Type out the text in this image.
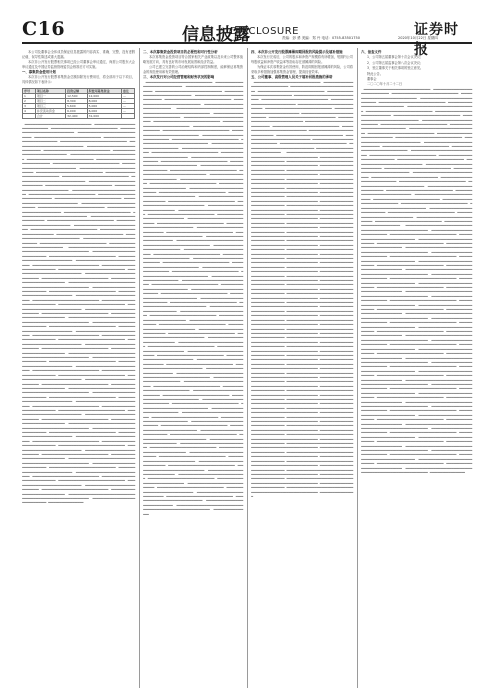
C16	信息披露
DISCLOSURE
责编：彭 勇 美编：郑 丹 电话：0755-83501750	证券时报
2020年10月22日 星期四

本公司及董事会全体成员保证信息披露的内容真实、准确、完整，没有虚假记载、误导性陈述或重大遗漏。

本次非公开发行股票相关事项已经公司董事会审议通过，尚需公司股东大会审议通过及中国证券监督管理委员会核准后方可实施。

一、募集资金使用计划

本次非公开发行股票募集资金总额扣除发行费用后，将全部用于以下项目，具体情况如下表所示：

序号	项目名称	投资总额	拟使用募集资金	备注
1	项目一	12,500	12,000	—
2	项目二	8,300	8,000	—
3	项目三	5,600	5,000	—
4	补充流动资金	6,000	6,000	—
	合计	32,400	31,000	
　▬▬▬▬▬▬▬▬▬▬▬▬▬▬▬▬▬▬▬▬▬▬▬▬▬▬▬▬▬▬▬▬▬▬▬▬　▬▬▬▬▬▬▬▬▬▬▬▬▬▬▬▬▬▬▬▬▬▬▬▬▬▬▬▬▬▬▬▬▬▬▬▬　▬▬▬▬▬▬▬▬▬▬▬▬▬▬▬▬▬▬▬▬▬▬▬▬▬▬▬▬▬▬▬▬▬▬▬▬　▬▬▬▬▬▬▬▬▬▬▬▬▬▬▬▬▬▬▬▬▬▬▬▬▬▬▬▬▬▬▬▬▬▬▬▬　▬▬▬▬▬▬▬▬▬▬▬▬▬▬▬▬▬▬▬▬▬▬▬▬▬▬▬▬▬▬▬▬▬▬▬▬　▬▬▬▬▬▬▬▬▬▬▬▬▬▬▬▬▬▬▬▬▬▬▬▬▬▬▬▬▬▬▬▬▬▬▬▬　▬▬▬▬▬▬▬▬▬▬▬▬▬▬▬▬▬▬▬▬▬▬▬▬▬▬▬▬▬▬▬▬▬▬▬▬　▬▬▬▬▬▬▬▬▬▬▬▬▬▬▬▬▬▬▬▬▬▬▬▬▬▬▬▬▬▬▬▬▬▬▬▬　▬▬▬▬▬▬▬▬▬▬▬▬▬▬▬▬▬▬▬▬▬▬▬▬▬▬▬▬▬▬▬▬▬▬▬▬　▬▬▬▬▬▬▬▬▬▬▬▬▬▬▬▬▬▬▬▬▬▬▬▬▬▬▬▬▬▬▬▬▬▬▬▬　▬▬▬▬▬▬▬▬▬▬▬▬▬▬▬▬▬▬▬▬▬▬▬▬▬▬▬▬▬▬▬▬▬▬▬▬　▬▬▬▬▬▬▬▬▬▬▬▬▬▬▬▬▬▬▬▬▬▬▬▬▬▬▬▬▬▬▬▬▬▬▬▬　▬▬▬▬▬▬▬▬▬▬▬▬▬▬▬▬▬▬▬▬▬▬▬▬▬▬▬▬▬▬▬▬▬▬▬▬　▬▬▬▬▬▬▬▬▬▬▬▬▬▬▬▬▬▬▬▬▬▬▬▬▬▬▬▬▬▬▬▬▬▬▬▬　▬▬▬▬▬▬▬▬▬▬▬▬▬▬▬▬▬▬▬▬▬▬▬▬▬▬▬▬▬▬▬▬▬▬▬▬　▬▬▬▬▬▬▬▬▬▬▬▬▬▬▬▬▬▬▬▬▬▬▬▬▬▬▬▬▬▬▬▬▬▬▬▬　▬▬▬▬▬▬▬▬▬▬▬▬▬▬▬▬▬▬▬▬▬▬▬▬▬▬▬▬▬▬▬▬▬▬▬▬　▬▬▬▬▬▬▬▬▬▬▬▬▬▬▬▬▬▬▬▬▬▬▬▬▬▬▬▬▬▬▬▬▬▬▬▬　▬▬▬▬▬▬▬▬▬▬▬▬▬▬▬▬▬▬▬▬▬▬▬▬▬▬▬▬▬▬▬▬▬▬▬▬　▬▬▬▬▬▬▬▬▬▬▬▬▬▬▬▬▬▬▬▬▬▬▬▬▬▬▬▬▬▬▬▬▬▬▬▬　▬▬▬▬▬▬▬▬▬▬▬▬▬▬▬▬▬▬▬▬▬▬▬▬▬▬▬▬▬▬▬▬▬▬▬▬　▬▬▬▬▬▬▬▬▬▬▬▬▬▬▬▬▬▬▬▬▬▬▬▬▬▬▬▬▬▬▬▬▬▬▬▬　▬▬▬▬▬▬▬▬▬▬▬▬▬▬▬▬▬▬▬▬▬▬▬▬▬▬▬▬▬▬▬▬▬▬▬▬　▬▬▬▬▬▬▬▬▬▬▬▬▬▬▬▬▬▬▬▬▬▬▬▬▬▬▬▬▬▬▬▬▬▬▬▬　▬▬▬▬▬▬▬▬▬▬▬▬▬▬▬▬▬▬▬▬▬▬▬▬▬▬▬▬▬▬▬▬▬▬▬▬　▬▬▬▬▬▬▬▬▬▬▬▬▬▬▬▬▬▬▬▬▬▬▬▬▬▬▬▬▬▬▬▬▬▬▬▬　▬▬▬▬▬▬▬▬▬▬▬▬▬▬▬▬▬▬▬▬▬▬▬▬▬▬▬▬▬▬▬▬▬▬▬▬　▬▬▬▬▬▬▬▬▬▬▬▬▬▬▬▬▬▬▬▬▬▬▬▬▬▬▬▬▬▬▬▬▬▬▬▬　▬▬▬▬▬▬▬▬▬▬▬▬▬▬▬▬▬▬▬▬▬▬▬▬▬▬▬▬▬▬▬▬▬▬▬▬　▬▬▬▬▬▬▬▬▬▬▬▬▬▬▬▬▬▬▬▬▬▬▬▬▬▬▬▬▬▬▬▬▬▬▬▬　▬▬▬▬▬▬▬▬▬▬▬▬▬▬▬▬▬▬▬▬▬▬▬▬▬▬▬▬▬▬▬▬▬▬▬▬　▬▬▬▬▬▬▬▬▬▬▬▬▬▬▬▬▬▬▬▬▬▬▬▬▬▬▬▬▬▬▬▬▬▬▬▬　▬▬▬▬▬▬▬▬▬▬▬▬▬▬▬▬▬▬▬▬▬▬▬▬▬▬▬▬▬▬▬▬▬▬▬▬　▬▬▬▬▬▬▬▬▬▬▬▬▬▬▬▬▬▬▬▬▬▬▬▬▬▬▬▬▬▬▬▬▬▬▬▬　▬▬▬▬▬▬▬▬▬▬▬▬▬▬▬▬▬▬▬▬▬▬▬▬▬▬▬▬▬▬▬▬▬▬▬▬　▬▬▬▬▬▬▬▬▬▬▬▬▬▬▬▬▬▬▬▬▬▬▬▬▬▬▬▬▬▬▬▬▬▬▬▬　▬▬▬▬▬▬▬▬▬▬▬▬▬▬▬▬▬▬▬▬▬▬▬▬▬▬▬▬▬▬▬▬▬▬▬▬　▬▬▬▬▬▬▬▬▬▬▬▬▬▬▬▬▬▬▬▬▬▬▬▬▬▬▬▬▬▬▬▬▬▬▬▬　▬▬▬▬▬▬▬▬▬▬▬▬▬▬▬▬▬▬▬▬▬▬▬▬▬▬▬▬▬▬▬▬▬▬▬▬　▬▬▬▬▬▬▬▬▬▬▬▬▬▬▬▬▬▬▬▬▬▬▬▬▬▬▬▬▬▬▬▬▬▬▬▬　▬▬▬▬▬▬▬▬▬▬▬▬▬▬▬▬▬▬▬▬▬▬▬▬▬▬▬▬▬▬▬▬▬▬▬▬　▬▬▬▬▬▬▬▬▬▬▬▬▬▬▬▬▬▬▬▬▬▬▬▬▬▬▬▬▬▬▬▬▬▬▬▬　▬▬▬▬▬▬▬▬▬▬▬▬▬▬▬▬▬▬▬▬▬▬▬▬▬▬▬▬▬▬▬▬▬▬▬▬　▬▬▬▬▬▬▬▬▬▬▬▬▬▬▬▬▬▬▬▬▬▬▬▬▬▬▬▬▬▬▬▬▬▬▬▬　▬▬▬▬▬▬▬▬▬▬▬▬▬▬▬▬▬▬▬▬▬▬▬▬▬▬▬▬▬▬▬▬▬▬▬▬　▬▬▬▬▬▬▬▬▬▬▬▬▬▬▬▬▬▬▬▬▬▬▬▬▬▬▬▬▬▬▬▬▬▬▬▬　▬▬▬▬▬▬▬▬▬▬▬▬▬▬▬▬▬▬▬▬▬▬▬▬▬▬▬▬▬▬▬▬▬▬▬▬　▬▬▬▬▬▬▬▬▬▬▬▬▬▬▬▬▬▬▬▬▬▬▬▬▬▬▬▬▬▬▬▬▬▬▬▬　▬▬▬▬▬▬▬▬▬▬▬▬▬▬▬▬▬▬▬▬▬▬▬▬▬▬▬▬▬▬▬▬▬▬▬▬　▬▬▬▬▬▬▬▬▬▬▬▬▬▬▬▬▬▬▬▬▬▬▬▬▬▬▬▬▬▬▬▬▬▬▬▬　▬▬▬▬▬▬▬▬▬▬▬▬▬▬▬▬▬▬▬▬▬▬▬▬▬▬▬▬▬▬▬▬▬▬▬▬　▬▬▬▬▬▬▬▬▬▬▬▬▬▬▬▬▬▬▬▬▬▬▬▬▬▬▬▬▬▬▬▬▬▬▬▬　▬▬▬▬▬▬▬▬▬▬▬▬▬▬▬▬▬▬▬▬▬▬▬▬▬▬▬▬▬▬▬▬▬▬▬▬　▬▬▬▬▬▬▬▬▬▬▬▬▬▬▬▬▬▬▬▬▬▬▬▬▬▬▬▬▬▬▬▬▬▬▬▬　▬▬▬▬▬▬▬▬▬▬▬▬▬▬▬▬▬▬▬▬▬▬▬▬▬▬▬▬▬▬▬▬▬▬▬▬　▬▬▬▬▬▬▬▬▬▬▬▬▬▬▬▬▬▬▬▬▬▬▬▬▬▬▬▬▬▬▬▬▬▬▬▬　▬▬▬▬▬▬▬▬▬▬▬▬▬▬▬▬▬▬▬▬▬▬▬▬▬▬▬▬▬▬▬▬▬▬▬▬　▬▬▬▬▬▬▬▬▬▬▬▬▬▬▬▬▬▬▬▬▬▬▬▬▬▬▬▬▬▬▬▬▬▬▬▬　▬▬▬▬▬▬▬▬▬▬▬▬▬▬▬▬▬▬▬▬▬▬▬▬▬▬▬▬▬▬▬▬▬▬▬▬　▬▬▬▬▬▬▬▬▬▬▬▬▬▬▬▬▬▬▬▬▬▬▬▬▬▬▬▬▬▬▬▬▬▬▬▬　▬▬▬▬▬▬▬▬▬▬▬▬▬▬▬▬▬▬▬▬▬▬▬▬▬▬▬▬▬▬▬▬▬▬▬▬　▬▬▬▬▬▬▬▬▬▬▬▬▬▬▬▬▬▬▬▬▬▬▬▬▬▬▬▬▬▬▬▬▬▬▬▬　▬▬▬▬▬▬▬▬▬▬▬▬▬▬▬▬▬▬▬▬▬▬▬▬▬▬▬▬▬▬▬▬▬▬▬▬　▬▬▬▬▬▬▬▬▬▬▬▬▬▬▬▬▬▬▬▬▬▬▬▬▬▬▬▬▬▬▬▬▬▬▬▬　▬▬▬▬▬▬▬▬▬▬▬▬▬▬▬▬▬▬▬▬▬▬▬▬▬▬▬▬▬▬▬▬▬▬▬▬　▬▬▬▬▬▬▬▬▬▬▬▬▬▬▬▬▬▬▬▬▬▬▬▬▬▬▬▬▬▬▬▬▬▬▬▬　▬▬▬▬▬▬▬▬▬▬▬▬▬▬▬▬▬▬▬▬▬▬▬▬▬▬▬▬▬▬▬▬▬▬▬▬　▬▬▬▬▬▬▬▬▬▬▬▬▬▬▬▬▬▬▬▬▬▬▬▬▬▬▬▬▬▬▬▬▬▬▬▬　▬▬▬▬▬▬▬▬▬▬▬▬▬▬▬▬▬▬▬▬▬▬▬▬▬▬▬▬▬▬▬▬▬▬▬▬　▬▬▬▬▬▬▬▬▬▬▬▬▬▬▬▬▬▬▬▬▬▬▬▬▬▬▬▬▬▬▬▬▬▬▬▬　▬▬▬▬▬▬▬▬▬▬▬▬▬▬▬▬▬▬▬▬▬▬▬▬▬▬▬▬▬▬▬▬▬▬▬▬　▬▬▬▬▬▬▬▬▬▬▬▬▬▬▬▬▬▬▬▬▬▬▬▬▬▬▬▬▬▬▬▬▬▬▬▬　▬▬▬▬▬▬▬▬▬▬▬▬▬▬▬▬▬▬▬▬▬▬▬▬▬▬▬▬▬▬▬▬▬▬▬▬　▬▬▬▬▬▬▬▬▬▬▬▬▬▬▬▬▬▬▬▬▬▬▬▬▬▬▬▬▬▬▬▬▬▬▬▬　▬▬▬▬▬▬▬▬▬▬▬▬▬▬▬▬▬▬▬▬▬▬▬▬▬▬▬▬▬▬▬▬▬▬▬▬　▬▬▬▬▬▬▬▬▬▬▬▬▬▬▬▬▬▬▬▬▬▬▬▬▬▬▬▬▬▬▬▬▬▬▬▬　▬▬▬▬▬▬▬▬▬▬▬▬▬▬▬▬▬▬▬▬▬▬▬▬▬▬▬▬▬▬▬▬▬▬▬▬　▬▬▬▬▬▬▬▬▬▬▬▬▬▬▬▬▬▬▬▬▬▬▬▬▬▬▬▬▬▬▬▬▬▬▬▬　▬▬▬▬▬▬▬▬▬▬▬▬▬▬▬▬▬▬▬▬▬▬▬▬▬▬▬▬▬▬▬▬▬▬▬▬　▬▬▬▬▬▬▬▬▬▬▬▬▬▬▬▬▬▬▬▬▬▬▬▬▬▬▬▬▬▬▬▬▬▬▬▬　▬▬▬▬▬▬▬▬▬▬▬▬▬▬▬▬▬▬▬▬▬▬▬▬▬▬▬▬▬▬▬▬▬▬▬▬　▬▬▬▬▬▬▬▬▬▬▬▬▬▬▬▬▬▬▬▬▬▬▬▬▬▬▬▬▬▬▬▬▬▬▬▬　▬▬▬▬▬▬▬▬▬▬▬▬▬▬▬▬▬▬▬▬▬▬▬▬▬▬▬▬▬▬▬▬▬▬▬▬　▬▬▬▬▬▬▬▬▬▬▬▬▬▬▬▬▬▬▬▬▬▬▬▬▬▬▬▬▬▬▬▬▬▬▬▬　▬▬▬▬▬▬▬▬▬▬▬▬▬▬▬▬▬▬▬▬▬▬▬▬▬▬▬▬▬▬▬▬▬▬▬▬　▬▬▬▬▬▬▬▬▬▬▬▬▬▬▬▬▬▬▬▬▬▬▬▬▬▬▬▬▬▬▬▬▬▬▬▬　▬▬▬▬▬▬▬▬▬▬▬▬▬▬▬▬▬▬▬▬▬▬▬▬▬▬▬▬▬▬▬▬▬▬▬▬　▬▬▬▬▬▬▬▬▬▬▬▬▬▬▬▬▬▬▬▬▬▬▬▬▬▬▬▬▬▬▬▬▬▬▬▬　▬▬▬▬▬▬▬▬▬▬▬▬▬▬▬▬▬▬▬▬▬▬▬▬▬▬▬▬▬▬▬▬▬▬▬▬　▬▬▬▬▬▬▬▬▬▬▬▬▬▬▬▬▬▬▬▬▬▬▬▬▬▬▬▬▬▬▬▬▬▬▬▬　▬▬▬▬▬▬▬▬▬▬▬▬▬▬▬▬▬▬▬▬▬▬▬▬▬▬▬▬▬▬▬▬▬▬▬▬　▬▬▬▬▬▬▬▬▬▬▬▬▬▬▬▬▬▬▬▬▬▬▬▬▬▬▬▬▬▬▬▬▬▬▬▬　▬▬▬▬▬▬▬▬▬▬▬▬▬▬▬▬▬▬▬▬▬▬▬▬▬▬▬▬▬▬▬▬▬▬▬▬　▬▬▬▬▬▬▬▬▬▬▬▬▬▬▬▬▬▬▬▬▬▬▬▬▬▬▬▬▬▬▬▬▬▬▬▬　▬▬▬▬▬▬▬▬▬▬▬▬▬▬▬▬▬▬▬▬▬▬▬▬▬▬▬▬▬▬▬▬▬▬▬▬　▬▬▬▬▬▬▬▬▬▬▬▬▬▬▬▬▬▬▬▬▬▬▬▬▬▬▬▬▬▬▬▬▬▬▬▬　▬▬▬▬▬▬▬▬▬▬▬▬▬▬▬▬▬▬▬▬▬▬▬▬▬▬▬▬▬▬▬▬▬▬▬▬　▬▬▬▬▬▬▬▬▬▬▬▬▬▬▬▬▬▬▬▬▬▬▬▬▬▬▬▬▬▬▬▬▬▬▬▬　▬▬▬▬▬▬▬▬▬▬▬▬▬▬▬▬▬▬▬▬▬▬▬▬▬▬▬▬▬▬▬▬▬▬▬▬　▬▬▬▬▬▬▬▬▬▬▬▬▬▬▬▬▬▬▬▬▬▬▬▬▬▬▬▬▬▬▬▬▬▬▬▬　▬▬▬▬▬▬▬▬▬▬▬▬▬▬▬▬▬▬▬▬▬▬▬▬▬▬▬▬▬▬▬▬▬▬▬▬　▬▬▬▬▬▬▬▬▬▬▬▬▬▬▬▬▬▬▬▬▬▬▬▬▬▬▬▬▬▬▬▬▬▬▬▬　▬▬▬▬▬▬▬▬▬▬▬▬▬▬▬▬▬▬▬▬▬▬▬▬▬▬▬▬▬▬▬▬▬▬▬▬　▬▬▬▬▬▬▬▬▬▬▬▬▬▬▬▬▬▬▬▬▬▬▬▬▬▬▬▬▬▬▬▬▬▬▬▬　▬▬▬▬▬▬▬▬▬▬▬▬▬▬▬▬▬▬▬▬▬▬▬▬▬▬▬▬▬▬▬▬▬▬▬▬　▬▬▬▬▬▬▬▬▬▬▬▬▬▬▬▬▬▬▬▬▬▬▬▬▬▬▬▬▬▬▬▬▬▬▬▬　▬▬▬▬▬▬▬▬▬▬▬▬▬▬▬▬▬▬▬▬▬▬▬▬▬▬▬▬▬▬▬▬▬▬▬▬　▬▬▬▬▬▬▬▬▬▬▬▬▬▬▬▬▬▬▬▬▬▬▬▬▬▬▬▬▬▬▬▬▬▬▬▬　▬▬▬▬▬▬▬▬▬▬▬▬▬▬▬▬▬▬▬▬▬▬▬▬▬▬▬▬▬▬▬▬▬▬▬▬　▬▬▬▬▬▬▬▬▬▬▬▬▬▬▬▬▬▬▬▬▬▬▬▬▬▬▬▬▬▬▬▬▬▬▬▬　▬▬▬▬▬▬▬▬▬▬▬▬▬▬▬▬▬▬▬▬▬▬▬▬▬▬▬▬▬▬▬▬▬▬▬▬　▬▬▬▬▬▬▬▬▬▬▬▬▬▬▬▬▬▬▬▬▬▬▬▬▬▬▬▬▬▬▬▬▬▬▬▬　▬▬▬▬▬▬▬▬▬▬▬▬▬▬▬▬▬▬▬▬▬▬▬▬▬▬▬▬▬▬▬▬▬▬▬▬　▬▬▬▬▬▬▬▬▬▬▬▬▬▬▬▬▬▬▬▬▬▬▬▬▬▬▬▬▬▬▬▬▬▬▬▬　▬▬▬▬▬▬▬▬▬▬▬▬▬▬▬▬▬▬▬▬▬▬▬▬▬▬▬▬▬▬▬▬▬▬▬▬　▬▬▬▬▬▬▬▬▬▬▬▬▬▬▬▬▬▬▬▬▬▬▬▬▬▬▬▬▬▬▬▬▬▬▬▬　▬▬▬▬▬▬▬▬▬▬▬▬▬▬▬▬▬▬▬▬▬▬▬▬▬▬▬▬▬▬▬▬▬▬▬▬　▬▬▬▬▬▬▬▬▬▬▬▬▬▬▬▬▬▬▬▬▬▬▬▬▬▬▬▬▬▬▬▬▬▬▬▬　▬▬▬▬▬▬▬▬▬▬▬▬▬▬▬▬▬▬▬▬▬▬▬▬▬▬▬▬▬▬▬▬▬▬▬▬　▬▬▬▬▬▬▬▬▬▬▬▬▬▬▬▬▬▬▬▬▬▬▬▬▬▬▬▬▬▬▬▬▬▬▬▬　▬▬▬▬▬▬▬▬▬▬▬▬▬▬▬▬▬▬▬▬▬▬▬▬▬▬▬▬▬▬▬▬▬▬▬▬　▬▬▬▬▬▬▬▬▬▬▬▬▬▬▬▬▬▬▬▬▬▬▬▬▬▬▬▬▬▬▬▬▬▬▬▬　▬▬▬▬▬▬▬▬▬▬▬▬▬▬▬▬▬▬▬▬▬▬▬▬▬▬▬▬▬▬▬▬▬▬▬▬　▬▬▬▬▬▬▬▬▬▬▬▬▬▬▬▬▬▬▬▬▬▬▬▬▬▬▬▬▬▬▬▬▬▬▬▬　▬▬▬▬▬▬▬▬▬▬▬▬▬▬▬▬▬▬▬▬▬▬▬▬▬▬▬▬▬▬▬▬▬▬▬▬　▬▬▬▬▬▬▬▬▬▬▬▬▬▬▬▬▬▬▬▬▬▬▬▬▬▬▬▬▬▬▬▬▬▬▬▬　▬▬▬▬▬▬▬▬▬▬▬▬▬▬▬▬▬▬▬▬▬▬▬▬▬▬▬▬▬▬▬▬▬▬▬▬　▬▬▬▬▬▬▬▬▬▬▬▬▬▬▬▬▬▬▬▬▬▬▬▬▬▬▬▬▬▬▬▬▬▬▬▬　▬▬▬▬▬▬▬▬▬▬▬▬▬▬▬▬▬▬▬▬▬▬▬▬▬▬▬▬▬▬▬▬▬▬▬▬　▬▬▬▬▬▬▬▬▬▬▬▬▬▬▬▬▬▬▬▬▬▬▬▬▬▬▬▬▬▬▬▬▬▬▬▬　▬▬▬▬▬▬▬▬▬▬▬▬▬▬▬▬▬▬▬▬▬▬▬▬▬▬▬▬▬▬▬▬▬▬▬▬　▬▬▬▬▬▬▬▬▬▬▬▬▬▬▬▬▬▬▬▬▬▬▬▬▬▬▬▬▬▬▬▬▬▬▬▬　▬▬▬▬▬▬▬▬▬▬▬▬▬▬▬▬▬▬▬▬▬▬▬▬▬▬▬▬▬▬▬▬▬▬▬▬　▬▬▬▬▬▬▬▬▬▬▬▬▬▬▬▬▬▬▬▬▬▬▬▬▬▬▬▬▬▬▬▬▬▬▬▬　▬▬▬▬▬▬▬▬▬▬▬▬▬▬▬▬▬▬▬▬▬▬▬▬▬▬▬▬▬▬▬▬▬▬▬▬　▬▬▬▬▬▬▬▬▬▬▬▬▬▬▬▬▬▬▬▬▬▬▬▬▬▬▬▬▬▬▬▬▬▬▬▬　▬▬▬▬▬▬▬▬▬▬▬▬▬▬▬▬▬▬▬▬▬▬▬▬▬▬▬▬▬▬▬▬▬▬▬▬　▬▬▬▬▬▬▬▬▬▬▬▬▬▬▬▬▬▬▬▬▬▬▬▬▬▬▬▬▬▬▬▬▬▬▬▬　▬▬▬▬▬▬▬▬▬▬▬▬▬▬▬▬▬▬▬▬▬▬▬▬▬▬▬▬▬▬▬▬▬▬▬▬　▬▬▬▬▬▬▬▬▬▬▬▬▬▬▬▬▬▬▬▬▬▬▬▬▬▬▬▬▬▬▬▬▬▬▬▬　▬▬▬▬▬▬▬▬▬▬▬▬▬▬▬▬▬▬▬

二、本次募集资金投资项目的必要性和可行性分析

本次募集资金投资项目符合国家相关产业政策以及未来公司整体战略发展方向，具有良好的市场发展前景和经济效益。

公司已建立完善的公司治理结构和内部控制制度，能够保证募集资金的规范使用和有效管理。

三、本次发行对公司经营管理和财务状况的影响

　▬▬▬▬▬▬▬▬▬▬▬▬▬▬▬▬▬▬▬▬▬▬▬▬▬▬▬▬▬▬▬▬▬▬▬▬　▬▬▬▬▬▬▬▬▬▬▬▬▬▬▬▬▬▬▬▬▬▬▬▬▬▬▬▬▬▬▬▬▬▬▬▬　▬▬▬▬▬▬▬▬▬▬▬▬▬▬▬▬▬▬▬▬▬▬▬▬▬▬▬▬▬▬▬▬▬▬▬▬　▬▬▬▬▬▬▬▬▬▬▬▬▬▬▬▬▬▬▬▬▬▬▬▬▬▬▬▬▬▬▬▬▬▬▬▬　▬▬▬▬▬▬▬▬▬▬▬▬▬▬▬▬▬▬▬▬▬▬▬▬▬▬▬▬▬▬▬▬▬▬▬▬　▬▬▬▬▬▬▬▬▬▬▬▬▬▬▬▬▬▬▬▬▬▬▬▬▬▬▬▬▬▬▬▬▬▬▬▬　▬▬▬▬▬▬▬▬▬▬▬▬▬▬▬▬▬▬▬▬▬▬▬▬▬▬▬▬▬▬▬▬▬▬▬▬　▬▬▬▬▬▬▬▬▬▬▬▬▬▬▬▬▬▬▬▬▬▬▬▬▬▬▬▬▬▬▬▬▬▬▬▬　▬▬▬▬▬▬▬▬▬▬▬▬▬▬▬▬▬▬▬▬▬▬▬▬▬▬▬▬▬▬▬▬▬▬▬▬　▬▬▬▬▬▬▬▬▬▬▬▬▬▬▬▬▬▬▬▬▬▬▬▬▬▬▬▬▬▬▬▬▬▬▬▬　▬▬▬▬▬▬▬▬▬▬▬▬▬▬▬▬▬▬▬▬▬▬▬▬▬▬▬▬▬▬▬▬▬▬▬▬　▬▬▬▬▬▬▬▬▬▬▬▬▬▬▬▬▬▬▬▬▬▬▬▬▬▬▬▬▬▬▬▬▬▬▬▬　▬▬▬▬▬▬▬▬▬▬▬▬▬▬▬▬▬▬▬▬▬▬▬▬▬▬▬▬▬▬▬▬▬▬▬▬　▬▬▬▬▬▬▬▬▬▬▬▬▬▬▬▬▬▬▬▬▬▬▬▬▬▬▬▬▬▬▬▬▬▬▬▬　▬▬▬▬▬▬▬▬▬▬▬▬▬▬▬▬▬▬▬▬▬▬▬▬▬▬▬▬▬▬▬▬▬▬▬▬　▬▬▬▬▬▬▬▬▬▬▬▬▬▬▬▬▬▬▬▬▬▬▬▬▬▬▬▬▬▬▬▬▬▬▬▬　▬▬▬▬▬▬▬▬▬▬▬▬▬▬▬▬▬▬▬▬▬▬▬▬▬▬▬▬▬▬▬▬▬▬▬▬　▬▬▬▬▬▬▬▬▬▬▬▬▬▬▬▬▬▬▬▬▬▬▬▬▬▬▬▬▬▬▬▬▬▬▬▬　▬▬▬▬▬▬▬▬▬▬▬▬▬▬▬▬▬▬▬▬▬▬▬▬▬▬▬▬▬▬▬▬▬▬▬▬　▬▬▬▬▬▬▬▬▬▬▬▬▬▬▬▬▬▬▬▬▬▬▬▬▬▬▬▬▬▬▬▬▬▬▬▬　▬▬▬▬▬▬▬▬▬▬▬▬▬▬▬▬▬▬▬▬▬▬▬▬▬▬▬▬▬▬▬▬▬▬▬▬　▬▬▬▬▬▬▬▬▬▬▬▬▬▬▬▬▬▬▬▬▬▬▬▬▬▬▬▬▬▬▬▬▬▬▬▬　▬▬▬▬▬▬▬▬▬▬▬▬▬▬▬▬▬▬▬▬▬▬▬▬▬▬▬▬▬▬▬▬▬▬▬▬　▬▬▬▬▬▬▬▬▬▬▬▬▬▬▬▬▬▬▬▬▬▬▬▬▬▬▬▬▬▬▬▬▬▬▬▬　▬▬▬▬▬▬▬▬▬▬▬▬▬▬▬▬▬▬▬▬▬▬▬▬▬▬▬▬▬▬▬▬▬▬▬▬　▬▬▬▬▬▬▬▬▬▬▬▬▬▬▬▬▬▬▬▬▬▬▬▬▬▬▬▬▬▬▬▬▬▬▬▬　▬▬▬▬▬▬▬▬▬▬▬▬▬▬▬▬▬▬▬▬▬▬▬▬▬▬▬▬▬▬▬▬▬▬▬▬　▬▬▬▬▬▬▬▬▬▬▬▬▬▬▬▬▬▬▬▬▬▬▬▬▬▬▬▬▬▬▬▬▬▬▬▬　▬▬▬▬▬▬▬▬▬▬▬▬▬▬▬▬▬▬▬▬▬▬▬▬▬▬▬▬▬▬▬▬▬▬▬▬　▬▬▬▬▬▬▬▬▬▬▬▬▬▬▬▬▬▬▬▬▬▬▬▬▬▬▬▬▬▬▬▬▬▬▬▬　▬▬▬▬▬▬▬▬▬▬▬▬▬▬▬▬▬▬▬▬▬▬▬▬▬▬▬▬▬▬▬▬▬▬▬▬　▬▬▬▬▬▬▬▬▬▬▬▬▬▬▬▬▬▬▬▬▬▬▬▬▬▬▬▬▬▬▬▬▬▬▬▬　▬▬▬▬▬▬▬▬▬▬▬▬▬▬▬▬▬▬▬▬▬▬▬▬▬▬▬▬▬▬▬▬▬▬▬▬　▬▬▬▬▬▬▬▬▬▬▬▬▬▬▬▬▬▬▬▬▬▬▬▬▬▬▬▬▬▬▬▬▬▬▬▬　▬▬▬▬▬▬▬▬▬▬▬▬▬▬▬▬▬▬▬▬▬▬▬▬▬▬▬▬▬▬▬▬▬▬▬▬　▬▬▬▬▬▬▬▬▬▬▬▬▬▬▬▬▬▬▬▬▬▬▬▬▬▬▬▬▬▬▬▬▬▬▬▬　▬▬▬▬▬▬▬▬▬▬▬▬▬▬▬▬▬▬▬▬▬▬▬▬▬▬▬▬▬▬▬▬▬▬▬▬　▬▬▬▬▬▬▬▬▬▬▬▬▬▬▬▬▬▬▬▬▬▬▬▬▬▬▬▬▬▬▬▬▬▬▬▬　▬▬▬▬▬▬▬▬▬▬▬▬▬▬▬▬▬▬▬▬▬▬▬▬▬▬▬▬▬▬▬▬▬▬▬▬　▬▬▬▬▬▬▬▬▬▬▬▬▬▬▬▬▬▬▬▬▬▬▬▬▬▬▬▬▬▬▬▬▬▬▬▬　▬▬▬▬▬▬▬▬▬▬▬▬▬▬▬▬▬▬▬▬▬▬▬▬▬▬▬▬▬▬▬▬▬▬▬▬　▬▬▬▬▬▬▬▬▬▬▬▬▬▬▬▬▬▬▬▬▬▬▬▬▬▬▬▬▬▬▬▬▬▬▬▬　▬▬▬▬▬▬▬▬▬▬▬▬▬▬▬▬▬▬▬▬▬▬▬▬▬▬▬▬▬▬▬▬▬▬▬▬　▬▬▬▬▬▬▬▬▬▬▬▬▬▬▬▬▬▬▬▬▬▬▬▬▬▬▬▬▬▬▬▬▬▬▬▬　▬▬▬▬▬▬▬▬▬▬▬▬▬▬▬▬▬▬▬▬▬▬▬▬▬▬▬▬▬▬▬▬▬▬▬▬　▬▬▬▬▬▬▬▬▬▬▬▬▬▬▬▬▬▬▬▬▬▬▬▬▬▬▬▬▬▬▬▬▬▬▬▬　▬▬▬▬▬▬▬▬▬▬▬▬▬▬▬▬▬▬▬▬▬▬▬▬▬▬▬▬▬▬▬▬▬▬▬▬　▬▬▬▬▬▬▬▬▬▬▬▬▬▬▬▬▬▬▬▬▬▬▬▬▬▬▬▬▬▬▬▬▬▬▬▬　▬▬▬▬▬▬▬▬▬▬▬▬▬▬▬▬▬▬▬▬▬▬▬▬▬▬▬▬▬▬▬▬▬▬▬▬　▬▬▬▬▬▬▬▬▬▬▬▬▬▬▬▬▬▬▬▬▬▬▬▬▬▬▬▬▬▬▬▬▬▬▬▬　▬▬▬▬▬▬▬▬▬▬▬▬▬▬▬▬▬▬▬▬▬▬▬▬▬▬▬▬▬▬▬▬▬▬▬▬　▬▬▬▬▬▬▬▬▬▬▬▬▬▬▬▬▬▬▬▬▬▬▬▬▬▬▬▬▬▬▬▬▬▬▬▬　▬▬▬▬▬▬▬▬▬▬▬▬▬▬▬▬▬▬▬▬▬▬▬▬▬▬▬▬▬▬▬▬▬▬▬▬　▬▬▬▬▬▬▬▬▬▬▬▬▬▬▬▬▬▬▬▬▬▬▬▬▬▬▬▬▬▬▬▬▬▬▬▬　▬▬▬▬▬▬▬▬▬▬▬▬▬▬▬▬▬▬▬▬▬▬▬▬▬▬▬▬▬▬▬▬▬▬▬▬　▬▬▬▬▬▬▬▬▬▬▬▬▬▬▬▬▬▬▬▬▬▬▬▬▬▬▬▬▬▬▬▬▬▬▬▬　▬▬▬▬▬▬▬▬▬▬▬▬▬▬▬▬▬▬▬▬▬▬▬▬▬▬▬▬▬▬▬▬▬▬▬▬　▬▬▬▬▬▬▬▬▬▬▬▬▬▬▬▬▬▬▬▬▬▬▬▬▬▬▬▬▬▬▬▬▬▬▬▬　▬▬▬▬▬▬▬▬▬▬▬▬▬▬▬▬▬▬▬▬▬▬▬▬▬▬▬▬▬▬▬▬▬▬▬▬　▬▬▬▬▬▬▬▬▬▬▬▬▬▬▬▬▬▬▬▬▬▬▬▬▬▬▬▬▬▬▬▬▬▬▬▬　▬▬▬▬▬▬▬▬▬▬▬▬▬▬▬▬▬▬▬▬▬▬▬▬▬▬▬▬▬▬▬▬▬▬▬▬　▬▬▬▬▬▬▬▬▬▬▬▬▬▬▬▬▬▬▬▬▬▬▬▬▬▬▬▬▬▬▬▬▬▬▬▬　▬▬▬▬▬▬▬▬▬▬▬▬▬▬▬▬▬▬▬▬▬▬▬▬▬▬▬▬▬▬▬▬▬▬▬▬　▬▬▬▬▬▬▬▬▬▬▬▬▬▬▬▬▬▬▬▬▬▬▬▬▬▬▬▬▬▬▬▬▬▬▬▬　▬▬▬▬▬▬▬▬▬▬▬▬▬▬▬▬▬▬▬▬▬▬▬▬▬▬▬▬▬▬▬▬▬▬▬▬　▬▬▬▬▬▬▬▬▬▬▬▬▬▬▬▬▬▬▬▬▬▬▬▬▬▬▬▬▬▬▬▬▬▬▬▬　▬▬▬▬▬▬▬▬▬▬▬▬▬▬▬▬▬▬▬▬▬▬▬▬▬▬▬▬▬▬▬▬▬▬▬▬　▬▬▬▬▬▬▬▬▬▬▬▬▬▬▬▬▬▬▬▬▬▬▬▬▬▬▬▬▬▬▬▬▬▬▬▬　▬▬▬▬▬▬▬▬▬▬▬▬▬▬▬▬▬▬▬▬▬▬▬▬▬▬▬▬▬▬▬▬▬▬▬▬　▬▬▬▬▬▬▬▬▬▬▬▬▬▬▬▬▬▬▬▬▬▬▬▬▬▬▬▬▬▬▬▬▬▬▬▬　▬▬▬▬▬▬▬▬▬▬▬▬▬▬▬▬▬▬▬▬▬▬▬▬▬▬▬▬▬▬▬▬▬▬▬▬　▬▬▬▬▬▬▬▬▬▬▬▬▬▬▬▬▬▬▬▬▬▬▬▬▬▬▬▬▬▬▬▬▬▬▬▬　▬▬▬▬▬▬▬▬▬▬▬▬▬▬▬▬▬▬▬▬▬▬▬▬▬▬▬▬▬▬▬▬▬▬▬▬　▬▬▬▬▬▬▬▬▬▬▬▬▬▬▬▬▬▬▬▬▬▬▬▬▬▬▬▬▬▬▬▬▬▬▬▬　▬▬▬▬▬▬▬▬▬▬▬▬▬▬▬▬▬▬▬▬▬▬▬▬▬▬▬▬▬▬▬▬▬▬▬▬　▬▬▬▬▬▬▬▬▬▬▬▬▬▬▬▬▬▬▬▬▬▬▬▬▬▬▬▬▬▬▬▬▬▬▬▬　▬▬▬▬▬▬▬▬▬▬▬▬▬▬▬▬▬▬▬▬▬▬▬▬▬▬▬▬▬▬▬▬▬▬▬▬　▬▬▬▬▬▬▬▬▬▬▬▬▬▬▬▬▬▬▬▬▬▬▬▬▬▬▬▬▬▬▬▬▬▬▬▬　▬▬▬▬▬▬▬▬▬▬▬▬▬▬▬▬▬▬▬▬▬▬▬▬▬▬▬▬▬▬▬▬▬▬▬▬　▬▬▬▬▬▬▬▬▬▬▬▬▬▬▬▬▬▬▬▬▬▬▬▬▬▬▬▬▬▬▬▬▬▬▬▬　▬▬▬▬▬▬▬▬▬▬▬▬▬▬▬▬▬▬▬▬▬▬▬▬▬▬▬▬▬▬▬▬▬▬▬▬　▬▬▬▬▬▬▬▬▬▬▬▬▬▬▬▬▬▬▬▬▬▬▬▬▬▬▬▬▬▬▬▬▬▬▬▬　▬▬▬▬▬▬▬▬▬▬▬▬▬▬▬▬▬▬▬▬▬▬▬▬▬▬▬▬▬▬▬▬▬▬▬▬　▬▬▬▬▬▬▬▬▬▬▬▬▬▬▬▬▬▬▬▬▬▬▬▬▬▬▬▬▬▬▬▬▬▬▬▬　▬▬▬▬▬▬▬▬▬▬▬▬▬▬▬▬▬▬▬▬▬▬▬▬▬▬▬▬▬▬▬▬▬▬▬▬　▬▬▬▬▬▬▬▬▬▬▬▬▬▬▬▬▬▬▬▬▬▬▬▬▬▬▬▬▬▬▬▬▬▬▬▬　▬▬▬▬▬▬▬▬▬▬▬▬▬▬▬▬▬▬▬▬▬▬▬▬▬▬▬▬▬▬▬▬▬▬▬▬　▬▬▬▬▬▬▬▬▬▬▬▬▬▬▬▬▬▬▬▬▬▬▬▬▬▬▬▬▬▬▬▬▬▬▬▬　▬▬▬▬▬▬▬▬▬▬▬▬▬▬▬▬▬▬▬▬▬▬▬▬▬▬▬▬▬▬▬▬▬▬▬▬　▬▬▬▬▬▬▬▬▬▬▬▬▬▬▬▬▬▬▬▬▬▬▬▬▬▬▬▬▬▬▬▬▬▬▬▬　▬▬▬▬▬▬▬▬▬▬▬▬▬▬▬▬▬▬▬▬▬▬▬▬▬▬▬▬▬▬▬▬▬▬▬▬　▬▬▬▬▬▬▬▬▬▬▬▬▬▬▬▬▬▬▬▬▬▬▬▬▬▬▬▬▬▬▬▬▬▬▬▬　▬▬▬▬▬▬▬▬▬▬▬▬▬▬▬▬▬▬▬▬▬▬▬▬▬▬▬▬▬▬▬▬▬▬▬▬　▬▬▬▬▬▬▬▬▬▬▬▬▬▬▬▬▬▬▬▬▬▬▬▬▬▬▬▬▬▬▬▬▬▬▬▬　▬▬▬▬▬▬▬▬▬▬▬▬▬▬▬▬▬▬▬▬▬▬▬▬▬▬▬▬▬▬▬▬▬▬▬▬　▬▬▬▬▬▬▬▬▬▬▬▬▬▬▬▬▬▬▬▬▬▬▬▬▬▬▬▬▬▬▬▬▬▬▬▬　▬▬▬▬▬▬▬▬▬▬▬▬▬▬▬▬▬▬▬▬▬▬▬▬▬▬▬▬▬▬▬▬▬▬▬▬　▬▬▬▬▬▬▬▬▬▬▬▬▬▬▬▬▬▬▬▬▬▬▬▬▬▬▬▬▬▬▬▬▬▬▬▬　▬▬▬▬▬▬▬▬▬▬▬▬▬▬▬▬▬▬▬▬▬▬▬▬▬▬▬▬▬▬▬▬▬▬▬▬　▬▬▬▬▬▬▬▬▬▬▬▬▬▬▬▬▬▬▬▬▬▬▬▬▬▬▬▬▬▬▬▬▬▬▬▬　▬▬▬▬▬▬▬▬▬▬▬▬▬▬▬▬▬▬▬▬▬▬▬▬▬▬▬▬▬▬▬▬▬▬▬▬　▬▬▬▬▬▬▬▬▬▬▬▬▬▬▬▬▬▬▬▬▬▬▬▬▬▬▬▬▬▬▬▬▬▬▬▬　▬▬▬▬▬▬▬▬▬▬▬▬▬▬▬▬▬▬▬▬▬▬▬▬▬▬▬▬▬▬▬▬▬▬▬▬　▬▬▬▬▬▬▬▬▬▬▬▬▬▬▬▬▬▬▬▬▬▬▬▬▬▬▬▬▬▬▬▬▬▬▬▬　▬▬▬▬▬▬▬▬▬▬▬▬▬▬▬▬▬▬▬▬▬▬▬▬▬▬▬▬▬▬▬▬▬▬▬▬　▬▬▬▬▬▬▬▬▬▬▬▬▬▬▬▬▬▬▬▬▬▬▬▬▬▬▬▬▬▬▬▬▬▬▬▬　▬▬▬▬▬▬▬▬▬▬▬▬▬▬▬▬▬▬▬▬▬▬▬▬▬▬▬▬▬▬▬▬▬▬▬▬　▬▬▬▬▬▬▬▬▬▬▬▬▬▬▬▬▬▬▬▬▬▬▬▬▬▬▬▬▬▬▬▬▬▬▬▬　▬▬▬▬▬▬▬▬▬▬▬▬▬▬▬▬▬▬▬▬▬▬▬▬▬▬▬▬▬▬▬▬▬▬▬▬　▬▬▬▬▬▬▬▬▬▬▬▬▬▬▬▬▬▬▬▬▬▬▬▬▬▬▬▬▬▬▬▬▬▬▬▬　▬▬▬▬▬▬▬▬▬▬▬▬▬▬▬▬▬▬▬▬▬▬▬▬▬▬▬▬▬▬▬▬▬▬▬▬　▬▬▬▬▬▬▬▬▬▬▬▬▬▬▬▬▬▬▬▬▬▬▬▬▬▬▬▬▬▬▬▬▬▬▬▬　▬▬▬▬▬▬▬▬▬▬▬▬▬▬▬▬▬▬▬▬▬▬▬▬▬▬▬▬▬▬▬▬▬▬▬▬　▬▬▬▬▬▬▬▬▬▬▬▬▬▬▬▬▬▬▬▬▬▬▬▬▬▬▬▬▬▬▬▬▬▬▬▬　▬▬▬▬▬▬▬▬▬▬▬▬▬▬▬▬▬▬▬▬▬▬▬▬▬▬▬▬▬▬▬▬▬▬▬▬　▬▬▬▬▬▬▬▬▬▬▬▬▬▬▬▬▬▬▬▬▬▬▬▬▬▬▬▬▬▬▬▬▬▬▬▬　▬▬▬▬▬▬▬▬▬▬▬▬▬▬▬▬▬▬▬▬▬▬▬▬▬▬▬▬▬▬▬▬▬▬▬▬　▬▬▬▬▬▬▬▬▬▬▬▬▬▬▬▬▬▬▬▬▬▬▬▬▬▬▬▬▬▬▬▬▬▬▬▬　▬▬▬▬▬▬▬▬▬▬▬▬▬▬▬▬▬▬▬▬▬▬▬▬▬▬▬▬▬▬▬▬▬▬▬▬　▬▬▬▬▬▬▬▬▬▬▬▬▬▬▬▬▬▬▬▬▬▬▬▬▬▬▬▬▬▬▬▬▬▬▬▬　▬▬▬▬▬▬▬▬▬▬▬▬▬▬▬▬▬▬▬▬▬▬▬▬▬▬▬▬▬▬▬▬▬▬▬▬　▬▬▬▬▬▬▬▬▬▬▬▬▬▬▬▬▬▬▬▬▬▬▬▬▬▬▬▬▬▬▬▬▬▬▬▬　▬▬▬▬▬▬▬▬▬▬▬▬▬▬▬▬▬▬▬▬▬▬▬▬▬▬▬▬▬▬▬▬▬▬▬▬　▬▬▬▬▬▬▬▬▬▬▬▬▬▬▬▬▬▬▬▬▬▬▬▬▬▬▬▬▬▬▬▬▬▬▬▬　▬▬▬▬▬▬▬▬▬▬▬▬▬▬▬▬▬▬▬▬▬▬▬▬▬▬▬▬▬▬▬▬▬▬▬▬　▬▬▬▬▬▬▬▬▬▬▬▬▬▬▬▬▬▬▬▬▬▬▬▬▬▬▬▬▬▬▬▬▬▬▬▬　▬▬▬▬▬▬▬▬▬▬▬▬▬▬▬▬▬▬▬▬▬▬▬▬▬▬▬▬▬▬▬▬▬▬▬▬　▬▬▬▬▬▬▬▬▬▬▬▬▬▬▬▬▬▬▬▬▬▬▬▬▬▬▬▬▬▬▬▬▬▬▬▬　▬▬▬▬▬▬▬▬▬▬▬▬▬▬▬▬▬▬▬▬▬▬▬▬▬▬▬▬▬▬▬▬▬▬▬▬　▬▬▬▬▬▬▬▬▬▬▬▬▬▬▬▬▬▬▬▬▬▬▬▬▬▬▬▬▬▬▬▬▬▬▬▬　▬▬▬▬▬▬▬▬▬▬▬▬▬▬▬▬▬▬▬▬▬▬▬▬▬▬▬▬▬▬▬▬▬▬▬▬　▬▬▬▬▬▬▬▬▬▬▬▬▬▬▬▬▬▬▬▬▬▬▬▬▬▬▬▬▬▬▬▬▬▬▬▬　▬▬▬▬▬▬▬▬▬▬▬▬▬▬▬▬▬▬▬▬▬▬▬▬▬▬▬▬▬▬▬▬▬▬▬▬　▬▬▬▬▬▬▬▬▬▬▬▬▬▬▬▬▬▬▬▬▬▬▬▬▬▬▬▬▬▬▬▬▬▬▬▬　▬▬▬▬▬▬▬▬▬▬▬▬▬▬▬▬▬▬▬▬▬▬▬▬▬▬▬▬▬▬▬▬▬▬▬▬　▬▬▬▬▬▬▬▬▬▬▬▬▬▬▬▬▬▬▬▬▬▬▬▬▬▬▬▬▬▬▬▬▬▬▬▬　▬▬▬▬▬▬▬▬▬▬▬▬▬▬▬▬▬▬▬▬▬▬▬▬▬▬▬▬▬▬▬▬▬▬▬▬　▬▬▬▬▬▬▬▬▬▬▬▬▬▬▬▬▬▬▬▬▬▬▬▬▬▬▬▬▬▬▬▬▬▬▬▬　▬▬▬▬▬▬▬▬▬▬▬▬▬▬▬▬▬▬▬▬▬▬▬▬▬▬▬▬▬▬▬▬▬▬▬▬　▬▬▬▬▬▬▬▬▬▬▬▬▬▬▬▬▬▬▬▬▬▬▬▬▬▬▬▬▬▬▬▬▬▬▬▬　▬▬▬▬▬▬▬▬▬▬▬▬▬▬▬▬▬▬▬

四、本次非公开发行股票摊薄即期回报的风险提示及填补措施

本次发行完成后，公司的股本和净资产规模将有所增加，短期内公司每股收益和净资产收益率等指标存在被摊薄的风险。

为保证本次募集资金有效使用，防范即期回报被摊薄的风险，公司将采取多种措施加强募集资金管理，提高经营效率。

五、公司董事、高级管理人员关于填补回报措施的承诺

　▬▬▬▬▬▬▬▬▬▬▬▬▬▬▬▬▬▬▬▬▬▬▬▬▬▬▬▬▬▬▬▬▬▬▬▬　▬▬▬▬▬▬▬▬▬▬▬▬▬▬▬▬▬▬▬▬▬▬▬▬▬▬▬▬▬▬▬▬▬▬▬▬　▬▬▬▬▬▬▬▬▬▬▬▬▬▬▬▬▬▬▬▬▬▬▬▬▬▬▬▬▬▬▬▬▬▬▬▬　▬▬▬▬▬▬▬▬▬▬▬▬▬▬▬▬▬▬▬▬▬▬▬▬▬▬▬▬▬▬▬▬▬▬▬▬　▬▬▬▬▬▬▬▬▬▬▬▬▬▬▬▬▬▬▬▬▬▬▬▬▬▬▬▬▬▬▬▬▬▬▬▬　▬▬▬▬▬▬▬▬▬▬▬▬▬▬▬▬▬▬▬▬▬▬▬▬▬▬▬▬▬▬▬▬▬▬▬▬　▬▬▬▬▬▬▬▬▬▬▬▬▬▬▬▬▬▬▬▬▬▬▬▬▬▬▬▬▬▬▬▬▬▬▬▬　▬▬▬▬▬▬▬▬▬▬▬▬▬▬▬▬▬▬▬▬▬▬▬▬▬▬▬▬▬▬▬▬▬▬▬▬　▬▬▬▬▬▬▬▬▬▬▬▬▬▬▬▬▬▬▬▬▬▬▬▬▬▬▬▬▬▬▬▬▬▬▬▬　▬▬▬▬▬▬▬▬▬▬▬▬▬▬▬▬▬▬▬▬▬▬▬▬▬▬▬▬▬▬▬▬▬▬▬▬　▬▬▬▬▬▬▬▬▬▬▬▬▬▬▬▬▬▬▬▬▬▬▬▬▬▬▬▬▬▬▬▬▬▬▬▬　▬▬▬▬▬▬▬▬▬▬▬▬▬▬▬▬▬▬▬▬▬▬▬▬▬▬▬▬▬▬▬▬▬▬▬▬　▬▬▬▬▬▬▬▬▬▬▬▬▬▬▬▬▬▬▬▬▬▬▬▬▬▬▬▬▬▬▬▬▬▬▬▬　▬▬▬▬▬▬▬▬▬▬▬▬▬▬▬▬▬▬▬▬▬▬▬▬▬▬▬▬▬▬▬▬▬▬▬▬　▬▬▬▬▬▬▬▬▬▬▬▬▬▬▬▬▬▬▬▬▬▬▬▬▬▬▬▬▬▬▬▬▬▬▬▬　▬▬▬▬▬▬▬▬▬▬▬▬▬▬▬▬▬▬▬▬▬▬▬▬▬▬▬▬▬▬▬▬▬▬▬▬　▬▬▬▬▬▬▬▬▬▬▬▬▬▬▬▬▬▬▬▬▬▬▬▬▬▬▬▬▬▬▬▬▬▬▬▬　▬▬▬▬▬▬▬▬▬▬▬▬▬▬▬▬▬▬▬▬▬▬▬▬▬▬▬▬▬▬▬▬▬▬▬▬　▬▬▬▬▬▬▬▬▬▬▬▬▬▬▬▬▬▬▬▬▬▬▬▬▬▬▬▬▬▬▬▬▬▬▬▬　▬▬▬▬▬▬▬▬▬▬▬▬▬▬▬▬▬▬▬▬▬▬▬▬▬▬▬▬▬▬▬▬▬▬▬▬　▬▬▬▬▬▬▬▬▬▬▬▬▬▬▬▬▬▬▬▬▬▬▬▬▬▬▬▬▬▬▬▬▬▬▬▬　▬▬▬▬▬▬▬▬▬▬▬▬▬▬▬▬▬▬▬▬▬▬▬▬▬▬▬▬▬▬▬▬▬▬▬▬　▬▬▬▬▬▬▬▬▬▬▬▬▬▬▬▬▬▬▬▬▬▬▬▬▬▬▬▬▬▬▬▬▬▬▬▬　▬▬▬▬▬▬▬▬▬▬▬▬▬▬▬▬▬▬▬▬▬▬▬▬▬▬▬▬▬▬▬▬▬▬▬▬　▬▬▬▬▬▬▬▬▬▬▬▬▬▬▬▬▬▬▬▬▬▬▬▬▬▬▬▬▬▬▬▬▬▬▬▬　▬▬▬▬▬▬▬▬▬▬▬▬▬▬▬▬▬▬▬▬▬▬▬▬▬▬▬▬▬▬▬▬▬▬▬▬　▬▬▬▬▬▬▬▬▬▬▬▬▬▬▬▬▬▬▬▬▬▬▬▬▬▬▬▬▬▬▬▬▬▬▬▬　▬▬▬▬▬▬▬▬▬▬▬▬▬▬▬▬▬▬▬▬▬▬▬▬▬▬▬▬▬▬▬▬▬▬▬▬　▬▬▬▬▬▬▬▬▬▬▬▬▬▬▬▬▬▬▬▬▬▬▬▬▬▬▬▬▬▬▬▬▬▬▬▬　▬▬▬▬▬▬▬▬▬▬▬▬▬▬▬▬▬▬▬▬▬▬▬▬▬▬▬▬▬▬▬▬▬▬▬▬　▬▬▬▬▬▬▬▬▬▬▬▬▬▬▬▬▬▬▬▬▬▬▬▬▬▬▬▬▬▬▬▬▬▬▬▬　▬▬▬▬▬▬▬▬▬▬▬▬▬▬▬▬▬▬▬▬▬▬▬▬▬▬▬▬▬▬▬▬▬▬▬▬　▬▬▬▬▬▬▬▬▬▬▬▬▬▬▬▬▬▬▬▬▬▬▬▬▬▬▬▬▬▬▬▬▬▬▬▬　▬▬▬▬▬▬▬▬▬▬▬▬▬▬▬▬▬▬▬▬▬▬▬▬▬▬▬▬▬▬▬▬▬▬▬▬　▬▬▬▬▬▬▬▬▬▬▬▬▬▬▬▬▬▬▬▬▬▬▬▬▬▬▬▬▬▬▬▬▬▬▬▬　▬▬▬▬▬▬▬▬▬▬▬▬▬▬▬▬▬▬▬▬▬▬▬▬▬▬▬▬▬▬▬▬▬▬▬▬　▬▬▬▬▬▬▬▬▬▬▬▬▬▬▬▬▬▬▬▬▬▬▬▬▬▬▬▬▬▬▬▬▬▬▬▬　▬▬▬▬▬▬▬▬▬▬▬▬▬▬▬▬▬▬▬▬▬▬▬▬▬▬▬▬▬▬▬▬▬▬▬▬　▬▬▬▬▬▬▬▬▬▬▬▬▬▬▬▬▬▬▬▬▬▬▬▬▬▬▬▬▬▬▬▬▬▬▬▬　▬▬▬▬▬▬▬▬▬▬▬▬▬▬▬▬▬▬▬▬▬▬▬▬▬▬▬▬▬▬▬▬▬▬▬▬　▬▬▬▬▬▬▬▬▬▬▬▬▬▬▬▬▬▬▬▬▬▬▬▬▬▬▬▬▬▬▬▬▬▬▬▬　▬▬▬▬▬▬▬▬▬▬▬▬▬▬▬▬▬▬▬▬▬▬▬▬▬▬▬▬▬▬▬▬▬▬▬▬　▬▬▬▬▬▬▬▬▬▬▬▬▬▬▬▬▬▬▬▬▬▬▬▬▬▬▬▬▬▬▬▬▬▬▬▬　▬▬▬▬▬▬▬▬▬▬▬▬▬▬▬▬▬▬▬▬▬▬▬▬▬▬▬▬▬▬▬▬▬▬▬▬　▬▬▬▬▬▬▬▬▬▬▬▬▬▬▬▬▬▬▬▬▬▬▬▬▬▬▬▬▬▬▬▬▬▬▬▬　▬▬▬▬▬▬▬▬▬▬▬▬▬▬▬▬▬▬▬▬▬▬▬▬▬▬▬▬▬▬▬▬▬▬▬▬　▬▬▬▬▬▬▬▬▬▬▬▬▬▬▬▬▬▬▬▬▬▬▬▬▬▬▬▬▬▬▬▬▬▬▬▬　▬▬▬▬▬▬▬▬▬▬▬▬▬▬▬▬▬▬▬▬▬▬▬▬▬▬▬▬▬▬▬▬▬▬▬▬　▬▬▬▬▬▬▬▬▬▬▬▬▬▬▬▬▬▬▬▬▬▬▬▬▬▬▬▬▬▬▬▬▬▬▬▬　▬▬▬▬▬▬▬▬▬▬▬▬▬▬▬▬▬▬▬▬▬▬▬▬▬▬▬▬▬▬▬▬▬▬▬▬　▬▬▬▬▬▬▬▬▬▬▬▬▬▬▬▬▬▬▬▬▬▬▬▬▬▬▬▬▬▬▬▬▬▬▬▬　▬▬▬▬▬▬▬▬▬▬▬▬▬▬▬▬▬▬▬▬▬▬▬▬▬▬▬▬▬▬▬▬▬▬▬▬　▬▬▬▬▬▬▬▬▬▬▬▬▬▬▬▬▬▬▬▬▬▬▬▬▬▬▬▬▬▬▬▬▬▬▬▬　▬▬▬▬▬▬▬▬▬▬▬▬▬▬▬▬▬▬▬▬▬▬▬▬▬▬▬▬▬▬▬▬▬▬▬▬　▬▬▬▬▬▬▬▬▬▬▬▬▬▬▬▬▬▬▬▬▬▬▬▬▬▬▬▬▬▬▬▬▬▬▬▬　▬▬▬▬▬▬▬▬▬▬▬▬▬▬▬▬▬▬▬▬▬▬▬▬▬▬▬▬▬▬▬▬▬▬▬▬　▬▬▬▬▬▬▬▬▬▬▬▬▬▬▬▬▬▬▬▬▬▬▬▬▬▬▬▬▬▬▬▬▬▬▬▬　▬▬▬▬▬▬▬▬▬▬▬▬▬▬▬▬▬▬▬▬▬▬▬▬▬▬▬▬▬▬▬▬▬▬▬▬　▬▬▬▬▬▬▬▬▬▬▬▬▬▬▬▬▬▬▬▬▬▬▬▬▬▬▬▬▬▬▬▬▬▬▬▬　▬▬▬▬▬▬▬▬▬▬▬▬▬▬▬▬▬▬▬▬▬▬▬▬▬▬▬▬▬▬▬▬▬▬▬▬　▬▬▬▬▬▬▬▬▬▬▬▬▬▬▬▬▬▬▬▬▬▬▬▬▬▬▬▬▬▬▬▬▬▬▬▬　▬▬▬▬▬▬▬▬▬▬▬▬▬▬▬▬▬▬▬▬▬▬▬▬▬▬▬▬▬▬▬▬▬▬▬▬　▬▬▬▬▬▬▬▬▬▬▬▬▬▬▬▬▬▬▬▬▬▬▬▬▬▬▬▬▬▬▬▬▬▬▬▬　▬▬▬▬▬▬▬▬▬▬▬▬▬▬▬▬▬▬▬▬▬▬▬▬▬▬▬▬▬▬▬▬▬▬▬▬　▬▬▬▬▬▬▬▬▬▬▬▬▬▬▬▬▬▬▬▬▬▬▬▬▬▬▬▬▬▬▬▬▬▬▬▬　▬▬▬▬▬▬▬▬▬▬▬▬▬▬▬▬▬▬▬▬▬▬▬▬▬▬▬▬▬▬▬▬▬▬▬▬　▬▬▬▬▬▬▬▬▬▬▬▬▬▬▬▬▬▬▬▬▬▬▬▬▬▬▬▬▬▬▬▬▬▬▬▬　▬▬▬▬▬▬▬▬▬▬▬▬▬▬▬▬▬▬▬▬▬▬▬▬▬▬▬▬▬▬▬▬▬▬▬▬　▬▬▬▬▬▬▬▬▬▬▬▬▬▬▬▬▬▬▬▬▬▬▬▬▬▬▬▬▬▬▬▬▬▬▬▬　▬▬▬▬▬▬▬▬▬▬▬▬▬▬▬▬▬▬▬▬▬▬▬▬▬▬▬▬▬▬▬▬▬▬▬▬　▬▬▬▬▬▬▬▬▬▬▬▬▬▬▬▬▬▬▬▬▬▬▬▬▬▬▬▬▬▬▬▬▬▬▬▬　▬▬▬▬▬▬▬▬▬▬▬▬▬▬▬▬▬▬▬▬▬▬▬▬▬▬▬▬▬▬▬▬▬▬▬▬　▬▬▬▬▬▬▬▬▬▬▬▬▬▬▬▬▬▬▬▬▬▬▬▬▬▬▬▬▬▬▬▬▬▬▬▬　▬▬▬▬▬▬▬▬▬▬▬▬▬▬▬▬▬▬▬▬▬▬▬▬▬▬▬▬▬▬▬▬▬▬▬▬　▬▬▬▬▬▬▬▬▬▬▬▬▬▬▬▬▬▬▬▬▬▬▬▬▬▬▬▬▬▬▬▬▬▬▬▬　▬▬▬▬▬▬▬▬▬▬▬▬▬▬▬▬▬▬▬▬▬▬▬▬▬▬▬▬▬▬▬▬▬▬▬▬　▬▬▬▬▬▬▬▬▬▬▬▬▬▬▬▬▬▬▬▬▬▬▬▬▬▬▬▬▬▬▬▬▬▬▬▬　▬▬▬▬▬▬▬▬▬▬▬▬▬▬▬▬▬▬▬▬▬▬▬▬▬▬▬▬▬▬▬▬▬▬▬▬　▬▬▬▬▬▬▬▬▬▬▬▬▬▬▬▬▬▬▬▬▬▬▬▬▬▬▬▬▬▬▬▬▬▬▬▬　▬▬▬▬▬▬▬▬▬▬▬▬▬▬▬▬▬▬▬▬▬▬▬▬▬▬▬▬▬▬▬▬▬▬▬▬　▬▬▬▬▬▬▬▬▬▬▬▬▬▬▬▬▬▬▬▬▬▬▬▬▬▬▬▬▬▬▬▬▬▬▬▬　▬▬▬▬▬▬▬▬▬▬▬▬▬▬▬▬▬▬▬▬▬▬▬▬▬▬▬▬▬▬▬▬▬▬▬▬　▬▬▬▬▬▬▬▬▬▬▬▬▬▬▬▬▬▬▬▬▬▬▬▬▬▬▬▬▬▬▬▬▬▬▬▬　▬▬▬▬▬▬▬▬▬▬▬▬▬▬▬▬▬▬▬▬▬▬▬▬▬▬▬▬▬▬▬▬▬▬▬▬　▬▬▬▬▬▬▬▬▬▬▬▬▬▬▬▬▬▬▬▬▬▬▬▬▬▬▬▬▬▬▬▬▬▬▬▬　▬▬▬▬▬▬▬▬▬▬▬▬▬▬▬▬▬▬▬▬▬▬▬▬▬▬▬▬▬▬▬▬▬▬▬▬　▬▬▬▬▬▬▬▬▬▬▬▬▬▬▬▬▬▬▬▬▬▬▬▬▬▬▬▬▬▬▬▬▬▬▬▬　▬▬▬▬▬▬▬▬▬▬▬▬▬▬▬▬▬▬▬▬▬▬▬▬▬▬▬▬▬▬▬▬▬▬▬▬　▬▬▬▬▬▬▬▬▬▬▬▬▬▬▬▬▬▬▬▬▬▬▬▬▬▬▬▬▬▬▬▬▬▬▬▬　▬▬▬▬▬▬▬▬▬▬▬▬▬▬▬▬▬▬▬▬▬▬▬▬▬▬▬▬▬▬▬▬▬▬▬▬　▬▬▬▬▬▬▬▬▬▬▬▬▬▬▬▬▬▬▬▬▬▬▬▬▬▬▬▬▬▬▬▬▬▬▬▬　▬▬▬▬▬▬▬▬▬▬▬▬▬▬▬▬▬▬▬▬▬▬▬▬▬▬▬▬▬▬▬▬▬▬▬▬　▬▬▬▬▬▬▬▬▬▬▬▬▬▬▬▬▬▬▬▬▬▬▬▬▬▬▬▬▬▬▬▬▬▬▬▬　▬▬▬▬▬▬▬▬▬▬▬▬▬▬▬▬▬▬▬▬▬▬▬▬▬▬▬▬▬▬▬▬▬▬▬▬　▬▬▬▬▬▬▬▬▬▬▬▬▬▬▬▬▬▬▬▬▬▬▬▬▬▬▬▬▬▬▬▬▬▬▬▬　▬▬▬▬▬▬▬▬▬▬▬▬▬▬▬▬▬▬▬▬▬▬▬▬▬▬▬▬▬▬▬▬▬▬▬▬　▬▬▬▬▬▬▬▬▬▬▬▬▬▬▬▬▬▬▬▬▬▬▬▬▬▬▬▬▬▬▬▬▬▬▬▬　▬▬▬▬▬▬▬▬▬▬▬▬▬▬▬▬▬▬▬▬▬▬▬▬▬▬▬▬▬▬▬▬▬▬▬▬　▬▬▬▬▬▬▬▬▬▬▬▬▬▬▬▬▬▬▬▬▬▬▬▬▬▬▬▬▬▬▬▬▬▬▬▬　▬▬▬▬▬▬▬▬▬▬▬▬▬▬▬▬▬▬▬▬▬▬▬▬▬▬▬▬▬▬▬▬▬▬▬▬　▬▬▬▬▬▬▬▬▬▬▬▬▬▬▬▬▬▬▬▬▬▬▬▬▬▬▬▬▬▬▬▬▬▬▬▬　▬▬▬▬▬▬▬▬▬▬▬▬▬▬▬▬▬▬▬▬▬▬▬▬▬▬▬▬▬▬▬▬▬▬▬▬　▬▬▬▬▬▬▬▬▬▬▬▬▬▬▬▬▬▬▬▬▬▬▬▬▬▬▬▬▬▬▬▬▬▬▬▬　▬▬▬▬▬▬▬▬▬▬▬▬▬▬▬▬▬▬▬▬▬▬▬▬▬▬▬▬▬▬▬▬▬▬▬▬　▬▬▬▬▬▬▬▬▬▬▬▬▬▬▬▬▬▬▬▬▬▬▬▬▬▬▬▬▬▬▬▬▬▬▬▬　▬▬▬▬▬▬▬▬▬▬▬▬▬▬▬▬▬▬▬▬▬▬▬▬▬▬▬▬▬▬▬▬▬▬▬▬　▬▬▬▬▬▬▬▬▬▬▬▬▬▬▬▬▬▬▬▬▬▬▬▬▬▬▬▬▬▬▬▬▬▬▬▬　▬▬▬▬▬▬▬▬▬▬▬▬▬▬▬▬▬▬▬▬▬▬▬▬▬▬▬▬▬▬▬▬▬▬▬▬　▬▬▬▬▬▬▬▬▬▬▬▬▬▬▬▬▬▬▬▬▬▬▬▬▬▬▬▬▬▬▬▬▬▬▬▬　▬▬▬▬▬▬▬▬▬▬▬▬▬▬▬▬▬▬▬▬▬▬▬▬▬▬▬▬▬▬▬▬▬▬▬▬　▬▬▬▬▬▬▬▬▬▬▬▬▬▬▬▬▬▬▬▬▬▬▬▬▬▬▬▬▬▬▬▬▬▬▬▬　▬▬▬▬▬▬▬▬▬▬▬▬▬▬▬▬▬▬▬▬▬▬▬▬▬▬▬▬▬▬▬▬▬▬▬▬　▬▬▬▬▬▬▬▬▬▬▬▬▬▬▬▬▬▬▬▬▬▬▬▬▬▬▬▬▬▬▬▬▬▬▬▬　▬▬▬▬▬▬▬▬▬▬▬▬▬▬▬▬▬▬▬▬▬▬▬▬▬▬▬▬▬▬▬▬▬▬▬▬　▬▬▬▬▬▬▬▬▬▬▬▬▬▬▬▬▬▬▬▬▬▬▬▬▬▬▬▬▬▬▬▬▬▬▬▬　▬▬▬▬▬▬▬▬▬▬▬▬▬▬▬▬▬▬▬▬▬▬▬▬▬▬▬▬▬▬▬▬▬▬▬▬　▬▬▬▬▬▬▬▬▬▬▬▬▬▬▬▬▬▬▬▬▬▬▬▬▬▬▬▬▬▬▬▬▬▬▬▬　▬▬▬▬▬▬▬▬▬▬▬▬▬▬▬▬▬▬▬▬▬▬▬▬▬▬▬▬▬▬▬▬▬▬▬▬　▬▬▬▬▬▬▬▬▬▬▬▬▬▬▬▬▬▬▬▬▬▬▬▬▬▬▬▬▬▬▬▬▬▬▬▬　▬▬▬▬▬▬▬▬▬▬▬▬▬▬▬▬▬▬▬▬▬▬▬▬▬▬▬▬▬▬▬▬▬▬▬▬　▬▬▬▬▬▬▬▬▬▬▬▬▬▬▬▬▬▬▬▬▬▬▬▬▬▬▬▬▬▬▬▬▬▬▬▬　▬▬▬▬▬▬▬▬▬▬▬▬▬▬▬▬▬▬▬▬▬▬▬▬▬▬▬▬▬▬▬▬▬▬▬▬　▬▬▬▬▬▬▬▬▬▬▬▬▬▬▬▬▬▬▬▬▬▬▬▬▬▬▬▬▬▬▬▬▬▬▬▬　▬▬▬▬▬▬▬▬▬▬▬▬▬▬▬▬▬▬▬▬▬▬▬▬▬▬▬▬▬▬▬▬▬▬▬▬　▬▬▬▬▬▬▬▬▬▬▬▬▬▬▬▬▬▬▬▬▬▬▬▬▬▬▬▬▬▬▬▬▬▬▬▬　▬▬▬▬▬▬▬▬▬▬▬▬▬▬▬▬▬▬▬▬▬▬▬▬▬▬▬▬▬▬▬▬▬▬▬▬　▬▬▬▬▬▬▬▬▬▬▬▬▬▬▬▬▬▬▬▬▬▬▬▬▬▬▬▬▬▬▬▬▬▬▬▬　▬▬▬▬▬▬▬▬▬▬▬▬▬▬▬▬▬▬▬▬▬▬▬▬▬▬▬▬▬▬▬▬▬▬▬▬　▬▬▬▬▬▬▬▬▬▬▬▬▬▬▬▬▬▬▬▬▬▬▬▬▬▬▬▬▬▬▬▬▬▬▬▬　▬▬▬▬▬▬▬▬▬▬▬▬▬▬▬▬▬▬▬▬▬▬▬▬▬▬▬▬▬▬▬▬▬▬▬▬　▬▬▬▬▬▬▬▬▬▬▬▬▬▬▬▬▬▬▬▬▬▬▬▬▬▬▬▬▬▬▬▬▬▬▬▬　▬▬▬▬▬▬▬▬▬▬▬▬▬▬▬▬▬▬▬▬▬▬▬▬▬▬▬▬▬▬▬▬▬▬▬▬　▬▬▬▬▬▬▬▬▬▬▬▬▬▬▬▬▬▬▬▬▬▬▬▬▬▬▬▬▬▬▬▬▬▬▬▬　▬▬▬▬▬▬▬▬▬▬▬▬▬▬▬▬▬▬▬▬▬▬▬▬▬▬▬▬▬▬▬▬▬▬▬▬　▬▬▬▬▬▬▬▬▬▬▬▬▬▬▬▬▬▬▬▬▬▬▬▬▬▬▬▬▬▬▬▬▬▬▬▬　▬▬▬▬▬▬▬▬▬▬▬▬▬▬▬▬▬▬▬▬▬▬▬▬▬▬▬▬▬▬▬▬▬▬▬▬　▬▬▬▬▬▬▬▬▬▬▬▬▬▬▬▬▬▬▬▬▬▬▬▬▬▬▬▬▬▬▬▬▬▬▬▬　▬▬▬▬▬▬▬▬▬▬▬▬▬▬▬▬▬▬▬▬▬▬▬▬▬▬▬▬▬▬▬▬▬▬▬▬　▬▬▬▬▬▬▬▬▬▬▬▬▬▬▬▬▬▬▬▬▬▬▬▬▬▬▬▬▬▬▬▬▬▬▬▬　▬▬▬▬▬▬▬▬▬▬▬▬▬▬▬▬▬▬▬▬▬▬▬▬▬▬▬▬▬▬▬▬▬▬▬▬　▬▬▬▬▬▬▬▬▬▬▬▬▬▬▬▬▬▬▬

六、备查文件

1、公司第五届董事会第十次会议决议；

2、公司第五届监事会第八次会议决议；

3、独立董事关于相关事项的独立意见。

特此公告。

董事会

二〇二〇年十月二十二日

　▬▬▬▬▬▬▬▬▬▬▬▬▬▬▬▬▬▬▬▬▬▬▬▬▬▬▬▬▬▬▬▬▬▬▬▬　▬▬▬▬▬▬▬▬▬▬▬▬▬▬▬▬▬▬▬▬▬▬▬▬▬▬▬▬▬▬▬▬▬▬▬▬　▬▬▬▬▬▬▬▬▬▬▬▬▬▬▬▬▬▬▬▬▬▬▬▬▬▬▬▬▬▬▬▬▬▬▬▬　▬▬▬▬▬▬▬▬▬▬▬▬▬▬▬▬▬▬▬▬▬▬▬▬▬▬▬▬▬▬▬▬▬▬▬▬　▬▬▬▬▬▬▬▬▬▬▬▬▬▬▬▬▬▬▬▬▬▬▬▬▬▬▬▬▬▬▬▬▬▬▬▬　▬▬▬▬▬▬▬▬▬▬▬▬▬▬▬▬▬▬▬▬▬▬▬▬▬▬▬▬▬▬▬▬▬▬▬▬　▬▬▬▬▬▬▬▬▬▬▬▬▬▬▬▬▬▬▬▬▬▬▬▬▬▬▬▬▬▬▬▬▬▬▬▬　▬▬▬▬▬▬▬▬▬▬▬▬▬▬▬▬▬▬▬▬▬▬▬▬▬▬▬▬▬▬▬▬▬▬▬▬　▬▬▬▬▬▬▬▬▬▬▬▬▬▬▬▬▬▬▬▬▬▬▬▬▬▬▬▬▬▬▬▬▬▬▬▬　▬▬▬▬▬▬▬▬▬▬▬▬▬▬▬▬▬▬▬▬▬▬▬▬▬▬▬▬▬▬▬▬▬▬▬▬　▬▬▬▬▬▬▬▬▬▬▬▬▬▬▬▬▬▬▬▬▬▬▬▬▬▬▬▬▬▬▬▬▬▬▬▬　▬▬▬▬▬▬▬▬▬▬▬▬▬▬▬▬▬▬▬▬▬▬▬▬▬▬▬▬▬▬▬▬▬▬▬▬　▬▬▬▬▬▬▬▬▬▬▬▬▬▬▬▬▬▬▬▬▬▬▬▬▬▬▬▬▬▬▬▬▬▬▬▬　▬▬▬▬▬▬▬▬▬▬▬▬▬▬▬▬▬▬▬▬▬▬▬▬▬▬▬▬▬▬▬▬▬▬▬▬　▬▬▬▬▬▬▬▬▬▬▬▬▬▬▬▬▬▬▬▬▬▬▬▬▬▬▬▬▬▬▬▬▬▬▬▬　▬▬▬▬▬▬▬▬▬▬▬▬▬▬▬▬▬▬▬▬▬▬▬▬▬▬▬▬▬▬▬▬▬▬▬▬　▬▬▬▬▬▬▬▬▬▬▬▬▬▬▬▬▬▬▬▬▬▬▬▬▬▬▬▬▬▬▬▬▬▬▬▬　▬▬▬▬▬▬▬▬▬▬▬▬▬▬▬▬▬▬▬▬▬▬▬▬▬▬▬▬▬▬▬▬▬▬▬▬　▬▬▬▬▬▬▬▬▬▬▬▬▬▬▬▬▬▬▬▬▬▬▬▬▬▬▬▬▬▬▬▬▬▬▬▬　▬▬▬▬▬▬▬▬▬▬▬▬▬▬▬▬▬▬▬▬▬▬▬▬▬▬▬▬▬▬▬▬▬▬▬▬　▬▬▬▬▬▬▬▬▬▬▬▬▬▬▬▬▬▬▬▬▬▬▬▬▬▬▬▬▬▬▬▬▬▬▬▬　▬▬▬▬▬▬▬▬▬▬▬▬▬▬▬▬▬▬▬▬▬▬▬▬▬▬▬▬▬▬▬▬▬▬▬▬　▬▬▬▬▬▬▬▬▬▬▬▬▬▬▬▬▬▬▬▬▬▬▬▬▬▬▬▬▬▬▬▬▬▬▬▬　▬▬▬▬▬▬▬▬▬▬▬▬▬▬▬▬▬▬▬▬▬▬▬▬▬▬▬▬▬▬▬▬▬▬▬▬　▬▬▬▬▬▬▬▬▬▬▬▬▬▬▬▬▬▬▬▬▬▬▬▬▬▬▬▬▬▬▬▬▬▬▬▬　▬▬▬▬▬▬▬▬▬▬▬▬▬▬▬▬▬▬▬▬▬▬▬▬▬▬▬▬▬▬▬▬▬▬▬▬　▬▬▬▬▬▬▬▬▬▬▬▬▬▬▬▬▬▬▬▬▬▬▬▬▬▬▬▬▬▬▬▬▬▬▬▬　▬▬▬▬▬▬▬▬▬▬▬▬▬▬▬▬▬▬▬▬▬▬▬▬▬▬▬▬▬▬▬▬▬▬▬▬　▬▬▬▬▬▬▬▬▬▬▬▬▬▬▬▬▬▬▬▬▬▬▬▬▬▬▬▬▬▬▬▬▬▬▬▬　▬▬▬▬▬▬▬▬▬▬▬▬▬▬▬▬▬▬▬▬▬▬▬▬▬▬▬▬▬▬▬▬▬▬▬▬　▬▬▬▬▬▬▬▬▬▬▬▬▬▬▬▬▬▬▬▬▬▬▬▬▬▬▬▬▬▬▬▬▬▬▬▬　▬▬▬▬▬▬▬▬▬▬▬▬▬▬▬▬▬▬▬▬▬▬▬▬▬▬▬▬▬▬▬▬▬▬▬▬　▬▬▬▬▬▬▬▬▬▬▬▬▬▬▬▬▬▬▬▬▬▬▬▬▬▬▬▬▬▬▬▬▬▬▬▬　▬▬▬▬▬▬▬▬▬▬▬▬▬▬▬▬▬▬▬▬▬▬▬▬▬▬▬▬▬▬▬▬▬▬▬▬　▬▬▬▬▬▬▬▬▬▬▬▬▬▬▬▬▬▬▬▬▬▬▬▬▬▬▬▬▬▬▬▬▬▬▬▬　▬▬▬▬▬▬▬▬▬▬▬▬▬▬▬▬▬▬▬▬▬▬▬▬▬▬▬▬▬▬▬▬▬▬▬▬　▬▬▬▬▬▬▬▬▬▬▬▬▬▬▬▬▬▬▬▬▬▬▬▬▬▬▬▬▬▬▬▬▬▬▬▬　▬▬▬▬▬▬▬▬▬▬▬▬▬▬▬▬▬▬▬▬▬▬▬▬▬▬▬▬▬▬▬▬▬▬▬▬　▬▬▬▬▬▬▬▬▬▬▬▬▬▬▬▬▬▬▬▬▬▬▬▬▬▬▬▬▬▬▬▬▬▬▬▬　▬▬▬▬▬▬▬▬▬▬▬▬▬▬▬▬▬▬▬▬▬▬▬▬▬▬▬▬▬▬▬▬▬▬▬▬　▬▬▬▬▬▬▬▬▬▬▬▬▬▬▬▬▬▬▬▬▬▬▬▬▬▬▬▬▬▬▬▬▬▬▬▬　▬▬▬▬▬▬▬▬▬▬▬▬▬▬▬▬▬▬▬▬▬▬▬▬▬▬▬▬▬▬▬▬▬▬▬▬　▬▬▬▬▬▬▬▬▬▬▬▬▬▬▬▬▬▬▬▬▬▬▬▬▬▬▬▬▬▬▬▬▬▬▬▬　▬▬▬▬▬▬▬▬▬▬▬▬▬▬▬▬▬▬▬▬▬▬▬▬▬▬▬▬▬▬▬▬▬▬▬▬　▬▬▬▬▬▬▬▬▬▬▬▬▬▬▬▬▬▬▬▬▬▬▬▬▬▬▬▬▬▬▬▬▬▬▬▬　▬▬▬▬▬▬▬▬▬▬▬▬▬▬▬▬▬▬▬▬▬▬▬▬▬▬▬▬▬▬▬▬▬▬▬▬　▬▬▬▬▬▬▬▬▬▬▬▬▬▬▬▬▬▬▬▬▬▬▬▬▬▬▬▬▬▬▬▬▬▬▬▬　▬▬▬▬▬▬▬▬▬▬▬▬▬▬▬▬▬▬▬▬▬▬▬▬▬▬▬▬▬▬▬▬▬▬▬▬　▬▬▬▬▬▬▬▬▬▬▬▬▬▬▬▬▬▬▬▬▬▬▬▬▬▬▬▬▬▬▬▬▬▬▬▬　▬▬▬▬▬▬▬▬▬▬▬▬▬▬▬▬▬▬▬▬▬▬▬▬▬▬▬▬▬▬▬▬▬▬▬▬　▬▬▬▬▬▬▬▬▬▬▬▬▬▬▬▬▬▬▬▬▬▬▬▬▬▬▬▬▬▬▬▬▬▬▬▬　▬▬▬▬▬▬▬▬▬▬▬▬▬▬▬▬▬▬▬▬▬▬▬▬▬▬▬▬▬▬▬▬▬▬▬▬　▬▬▬▬▬▬▬▬▬▬▬▬▬▬▬▬▬▬▬▬▬▬▬▬▬▬▬▬▬▬▬▬▬▬▬▬　▬▬▬▬▬▬▬▬▬▬▬▬▬▬▬▬▬▬▬▬▬▬▬▬▬▬▬▬▬▬▬▬▬▬▬▬　▬▬▬▬▬▬▬▬▬▬▬▬▬▬▬▬▬▬▬▬▬▬▬▬▬▬▬▬▬▬▬▬▬▬▬▬　▬▬▬▬▬▬▬▬▬▬▬▬▬▬▬▬▬▬▬▬▬▬▬▬▬▬▬▬▬▬▬▬▬▬▬▬　▬▬▬▬▬▬▬▬▬▬▬▬▬▬▬▬▬▬▬▬▬▬▬▬▬▬▬▬▬▬▬▬▬▬▬▬　▬▬▬▬▬▬▬▬▬▬▬▬▬▬▬▬▬▬▬▬▬▬▬▬▬▬▬▬▬▬▬▬▬▬▬▬　▬▬▬▬▬▬▬▬▬▬▬▬▬▬▬▬▬▬▬▬▬▬▬▬▬▬▬▬▬▬▬▬▬▬▬▬　▬▬▬▬▬▬▬▬▬▬▬▬▬▬▬▬▬▬▬▬▬▬▬▬▬▬▬▬▬▬▬▬▬▬▬▬　▬▬▬▬▬▬▬▬▬▬▬▬▬▬▬▬▬▬▬▬▬▬▬▬▬▬▬▬▬▬▬▬▬▬▬▬　▬▬▬▬▬▬▬▬▬▬▬▬▬▬▬▬▬▬▬▬▬▬▬▬▬▬▬▬▬▬▬▬▬▬▬▬　▬▬▬▬▬▬▬▬▬▬▬▬▬▬▬▬▬▬▬▬▬▬▬▬▬▬▬▬▬▬▬▬▬▬▬▬　▬▬▬▬▬▬▬▬▬▬▬▬▬▬▬▬▬▬▬▬▬▬▬▬▬▬▬▬▬▬▬▬▬▬▬▬　▬▬▬▬▬▬▬▬▬▬▬▬▬▬▬▬▬▬▬▬▬▬▬▬▬▬▬▬▬▬▬▬▬▬▬▬　▬▬▬▬▬▬▬▬▬▬▬▬▬▬▬▬▬▬▬▬▬▬▬▬▬▬▬▬▬▬▬▬▬▬▬▬　▬▬▬▬▬▬▬▬▬▬▬▬▬▬▬▬▬▬▬▬▬▬▬▬▬▬▬▬▬▬▬▬▬▬▬▬　▬▬▬▬▬▬▬▬▬▬▬▬▬▬▬▬▬▬▬▬▬▬▬▬▬▬▬▬▬▬▬▬▬▬▬▬　▬▬▬▬▬▬▬▬▬▬▬▬▬▬▬▬▬▬▬▬▬▬▬▬▬▬▬▬▬▬▬▬▬▬▬▬　▬▬▬▬▬▬▬▬▬▬▬▬▬▬▬▬▬▬▬▬▬▬▬▬▬▬▬▬▬▬▬▬▬▬▬▬　▬▬▬▬▬▬▬▬▬▬▬▬▬▬▬▬▬▬▬▬▬▬▬▬▬▬▬▬▬▬▬▬▬▬▬▬　▬▬▬▬▬▬▬▬▬▬▬▬▬▬▬▬▬▬▬▬▬▬▬▬▬▬▬▬▬▬▬▬▬▬▬▬　▬▬▬▬▬▬▬▬▬▬▬▬▬▬▬▬▬▬▬▬▬▬▬▬▬▬▬▬▬▬▬▬▬▬▬▬　▬▬▬▬▬▬▬▬▬▬▬▬▬▬▬▬▬▬▬▬▬▬▬▬▬▬▬▬▬▬▬▬▬▬▬▬　▬▬▬▬▬▬▬▬▬▬▬▬▬▬▬▬▬▬▬▬▬▬▬▬▬▬▬▬▬▬▬▬▬▬▬▬　▬▬▬▬▬▬▬▬▬▬▬▬▬▬▬▬▬▬▬▬▬▬▬▬▬▬▬▬▬▬▬▬▬▬▬▬　▬▬▬▬▬▬▬▬▬▬▬▬▬▬▬▬▬▬▬▬▬▬▬▬▬▬▬▬▬▬▬▬▬▬▬▬　▬▬▬▬▬▬▬▬▬▬▬▬▬▬▬▬▬▬▬▬▬▬▬▬▬▬▬▬▬▬▬▬▬▬▬▬　▬▬▬▬▬▬▬▬▬▬▬▬▬▬▬▬▬▬▬▬▬▬▬▬▬▬▬▬▬▬▬▬▬▬▬▬　▬▬▬▬▬▬▬▬▬▬▬▬▬▬▬▬▬▬▬▬▬▬▬▬▬▬▬▬▬▬▬▬▬▬▬▬　▬▬▬▬▬▬▬▬▬▬▬▬▬▬▬▬▬▬▬▬▬▬▬▬▬▬▬▬▬▬▬▬▬▬▬▬　▬▬▬▬▬▬▬▬▬▬▬▬▬▬▬▬▬▬▬▬▬▬▬▬▬▬▬▬▬▬▬▬▬▬▬▬　▬▬▬▬▬▬▬▬▬▬▬▬▬▬▬▬▬▬▬▬▬▬▬▬▬▬▬▬▬▬▬▬▬▬▬▬　▬▬▬▬▬▬▬▬▬▬▬▬▬▬▬▬▬▬▬▬▬▬▬▬▬▬▬▬▬▬▬▬▬▬▬▬　▬▬▬▬▬▬▬▬▬▬▬▬▬▬▬▬▬▬▬▬▬▬▬▬▬▬▬▬▬▬▬▬▬▬▬▬　▬▬▬▬▬▬▬▬▬▬▬▬▬▬▬▬▬▬▬▬▬▬▬▬▬▬▬▬▬▬▬▬▬▬▬▬　▬▬▬▬▬▬▬▬▬▬▬▬▬▬▬▬▬▬▬▬▬▬▬▬▬▬▬▬▬▬▬▬▬▬▬▬　▬▬▬▬▬▬▬▬▬▬▬▬▬▬▬▬▬▬▬▬▬▬▬▬▬▬▬▬▬▬▬▬▬▬▬▬　▬▬▬▬▬▬▬▬▬▬▬▬▬▬▬▬▬▬▬▬▬▬▬▬▬▬▬▬▬▬▬▬▬▬▬▬　▬▬▬▬▬▬▬▬▬▬▬▬▬▬▬▬▬▬▬▬▬▬▬▬▬▬▬▬▬▬▬▬▬▬▬▬　▬▬▬▬▬▬▬▬▬▬▬▬▬▬▬▬▬▬▬▬▬▬▬▬▬▬▬▬▬▬▬▬▬▬▬▬　▬▬▬▬▬▬▬▬▬▬▬▬▬▬▬▬▬▬▬▬▬▬▬▬▬▬▬▬▬▬▬▬▬▬▬▬　▬▬▬▬▬▬▬▬▬▬▬▬▬▬▬▬▬▬▬▬▬▬▬▬▬▬▬▬▬▬▬▬▬▬▬▬　▬▬▬▬▬▬▬▬▬▬▬▬▬▬▬▬▬▬▬▬▬▬▬▬▬▬▬▬▬▬▬▬▬▬▬▬　▬▬▬▬▬▬▬▬▬▬▬▬▬▬▬▬▬▬▬▬▬▬▬▬▬▬▬▬▬▬▬▬▬▬▬▬　▬▬▬▬▬▬▬▬▬▬▬▬▬▬▬▬▬▬▬▬▬▬▬▬▬▬▬▬▬▬▬▬▬▬▬▬　▬▬▬▬▬▬▬▬▬▬▬▬▬▬▬▬▬▬▬▬▬▬▬▬▬▬▬▬▬▬▬▬▬▬▬▬　▬▬▬▬▬▬▬▬▬▬▬▬▬▬▬▬▬▬▬▬▬▬▬▬▬▬▬▬▬▬▬▬▬▬▬▬　▬▬▬▬▬▬▬▬▬▬▬▬▬▬▬▬▬▬▬▬▬▬▬▬▬▬▬▬▬▬▬▬▬▬▬▬　▬▬▬▬▬▬▬▬▬▬▬▬▬▬▬▬▬▬▬▬▬▬▬▬▬▬▬▬▬▬▬▬▬▬▬▬　▬▬▬▬▬▬▬▬▬▬▬▬▬▬▬▬▬▬▬▬▬▬▬▬▬▬▬▬▬▬▬▬▬▬▬▬　▬▬▬▬▬▬▬▬▬▬▬▬▬▬▬▬▬▬▬▬▬▬▬▬▬▬▬▬▬▬▬▬▬▬▬▬　▬▬▬▬▬▬▬▬▬▬▬▬▬▬▬▬▬▬▬▬▬▬▬▬▬▬▬▬▬▬▬▬▬▬▬▬　▬▬▬▬▬▬▬▬▬▬▬▬▬▬▬▬▬▬▬▬▬▬▬▬▬▬▬▬▬▬▬▬▬▬▬▬　▬▬▬▬▬▬▬▬▬▬▬▬▬▬▬▬▬▬▬▬▬▬▬▬▬▬▬▬▬▬▬▬▬▬▬▬　▬▬▬▬▬▬▬▬▬▬▬▬▬▬▬▬▬▬▬▬▬▬▬▬▬▬▬▬▬▬▬▬▬▬▬▬　▬▬▬▬▬▬▬▬▬▬▬▬▬▬▬▬▬▬▬▬▬▬▬▬▬▬▬▬▬▬▬▬▬▬▬▬　▬▬▬▬▬▬▬▬▬▬▬▬▬▬▬▬▬▬▬▬▬▬▬▬▬▬▬▬▬▬▬▬▬▬▬▬　▬▬▬▬▬▬▬▬▬▬▬▬▬▬▬▬▬▬▬▬▬▬▬▬▬▬▬▬▬▬▬▬▬▬▬▬　▬▬▬▬▬▬▬▬▬▬▬▬▬▬▬▬▬▬▬▬▬▬▬▬▬▬▬▬▬▬▬▬▬▬▬▬　▬▬▬▬▬▬▬▬▬▬▬▬▬▬▬▬▬▬▬▬▬▬▬▬▬▬▬▬▬▬▬▬▬▬▬▬　▬▬▬▬▬▬▬▬▬▬▬▬▬▬▬▬▬▬▬▬▬▬▬▬▬▬▬▬▬▬▬▬▬▬▬▬　▬▬▬▬▬▬▬▬▬▬▬▬▬▬▬▬▬▬▬▬▬▬▬▬▬▬▬▬▬▬▬▬▬▬▬▬　▬▬▬▬▬▬▬▬▬▬▬▬▬▬▬▬▬▬▬▬▬▬▬▬▬▬▬▬▬▬▬▬▬▬▬▬　▬▬▬▬▬▬▬▬▬▬▬▬▬▬▬▬▬▬▬▬▬▬▬▬▬▬▬▬▬▬▬▬▬▬▬▬　▬▬▬▬▬▬▬▬▬▬▬▬▬▬▬▬▬▬▬▬▬▬▬▬▬▬▬▬▬▬▬▬▬▬▬▬　▬▬▬▬▬▬▬▬▬▬▬▬▬▬▬▬▬▬▬▬▬▬▬▬▬▬▬▬▬▬▬▬▬▬▬▬　▬▬▬▬▬▬▬▬▬▬▬▬▬▬▬▬▬▬▬▬▬▬▬▬▬▬▬▬▬▬▬▬▬▬▬▬　▬▬▬▬▬▬▬▬▬▬▬▬▬▬▬▬▬▬▬▬▬▬▬▬▬▬▬▬▬▬▬▬▬▬▬▬　▬▬▬▬▬▬▬▬▬▬▬▬▬▬▬▬▬▬▬▬▬▬▬▬▬▬▬▬▬▬▬▬▬▬▬▬　▬▬▬▬▬▬▬▬▬▬▬▬▬▬▬▬▬▬▬▬▬▬▬▬▬▬▬▬▬▬▬▬▬▬▬▬　▬▬▬▬▬▬▬▬▬▬▬▬▬▬▬▬▬▬▬▬▬▬▬▬▬▬▬▬▬▬▬▬▬▬▬▬　▬▬▬▬▬▬▬▬▬▬▬▬▬▬▬▬▬▬▬▬▬▬▬▬▬▬▬▬▬▬▬▬▬▬▬▬　▬▬▬▬▬▬▬▬▬▬▬▬▬▬▬▬▬▬▬▬▬▬▬▬▬▬▬▬▬▬▬▬▬▬▬▬　▬▬▬▬▬▬▬▬▬▬▬▬▬▬▬▬▬▬▬▬▬▬▬▬▬▬▬▬▬▬▬▬▬▬▬▬　▬▬▬▬▬▬▬▬▬▬▬▬▬▬▬▬▬▬▬▬▬▬▬▬▬▬▬▬▬▬▬▬▬▬▬▬　▬▬▬▬▬▬▬▬▬▬▬▬▬▬▬▬▬▬▬▬▬▬▬▬▬▬▬▬▬▬▬▬▬▬▬▬　▬▬▬▬▬▬▬▬▬▬▬▬▬▬▬▬▬▬▬▬▬▬▬▬▬▬▬▬▬▬▬▬▬▬▬▬　▬▬▬▬▬▬▬▬▬▬▬▬▬▬▬▬▬▬▬▬▬▬▬▬▬▬▬▬▬▬▬▬▬▬▬▬　▬▬▬▬▬▬▬▬▬▬▬▬▬▬▬▬▬▬▬▬▬▬▬▬▬▬▬▬▬▬▬▬▬▬▬▬　▬▬▬▬▬▬▬▬▬▬▬▬▬▬▬▬▬▬▬▬▬▬▬▬▬▬▬▬▬▬▬▬▬▬▬▬　▬▬▬▬▬▬▬▬▬▬▬▬▬▬▬▬▬▬▬▬▬▬▬▬▬▬▬▬▬▬▬▬▬▬▬▬　▬▬▬▬▬▬▬▬▬▬▬▬▬▬▬▬▬▬▬▬▬▬▬▬▬▬▬▬▬▬▬▬▬▬▬▬　▬▬▬▬▬▬▬▬▬▬▬▬▬▬▬▬▬▬▬▬▬▬▬▬▬▬▬▬▬▬▬▬▬▬▬▬　▬▬▬▬▬▬▬▬▬▬▬▬▬▬▬▬▬▬▬▬▬▬▬▬▬▬▬▬▬▬▬▬▬▬▬▬　▬▬▬▬▬▬▬▬▬▬▬▬▬▬▬▬▬▬▬▬▬▬▬▬▬▬▬▬▬▬▬▬▬▬▬▬　▬▬▬▬▬▬▬▬▬▬▬▬▬▬▬▬▬▬▬▬▬▬▬▬▬▬▬▬▬▬▬▬▬▬▬▬　▬▬▬▬▬▬▬▬▬▬▬▬▬▬▬▬▬▬▬▬▬▬▬▬▬▬▬▬▬▬▬▬▬▬▬▬　▬▬▬▬▬▬▬▬▬▬▬▬▬▬▬▬▬▬▬▬▬▬▬▬▬▬▬▬▬▬▬▬▬▬▬▬　▬▬▬▬▬▬▬▬▬▬▬▬▬▬▬▬▬▬▬▬▬▬▬▬▬▬▬▬▬▬▬▬▬▬▬▬　▬▬▬▬▬▬▬▬▬▬▬▬▬▬▬▬▬▬▬
